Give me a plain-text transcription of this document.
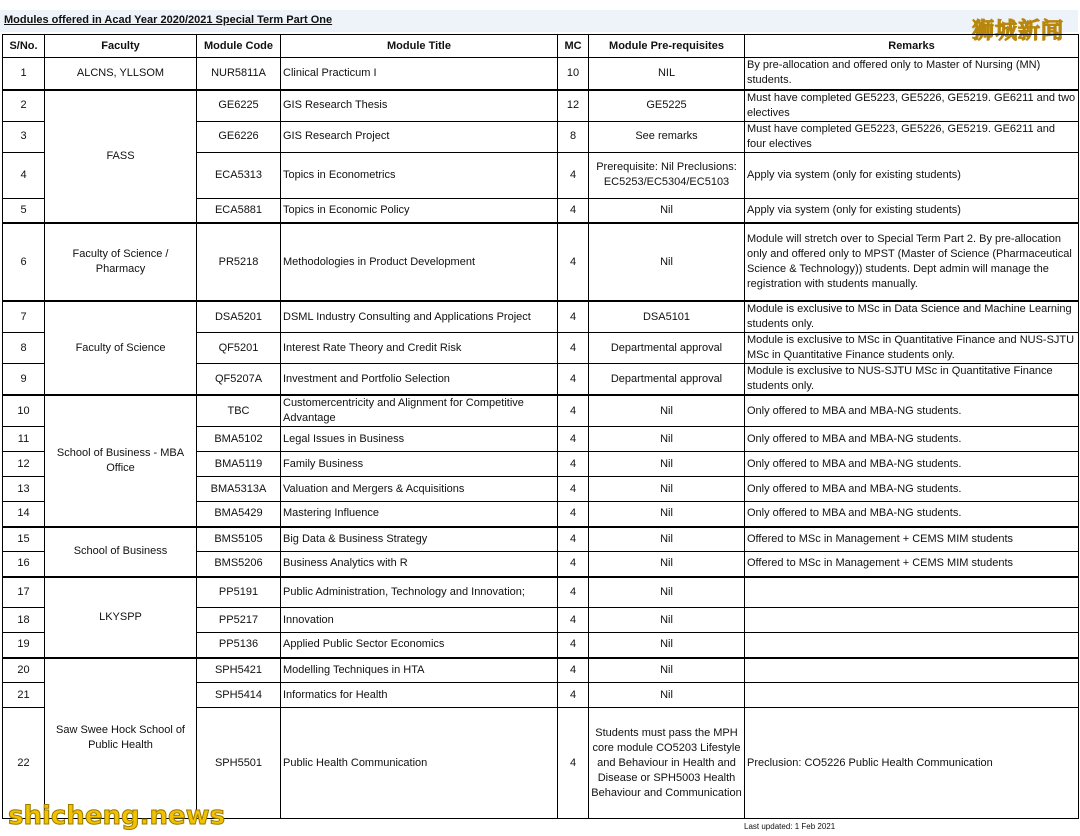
Modules offered in Acad Year 2020/2021 Special Term Part One	狮城新闻
S/No.	Faculty	Module Code	Module Title	MC	Module Pre-requisites	Remarks
1	ALCNS, YLLSOM	NUR5811A	Clinical Practicum I	10	NIL	By pre-allocation and offered only to Master of Nursing (MN) students.
2	FASS	GE6225	GIS Research Thesis	12	GE5225	Must have completed GE5223, GE5226, GE5219. GE6211 and two electives
3		GE6226	GIS Research Project	8	See remarks	Must have completed GE5223, GE5226, GE5219. GE6211 and four electives
4		ECA5313	Topics in Econometrics	4	Prerequisite: Nil Preclusions: EC5253/EC5304/EC5103	Apply via system (only for existing students)
5		ECA5881	Topics in Economic Policy	4	Nil	Apply via system (only for existing students)
6	Faculty of Science / Pharmacy	PR5218	Methodologies in Product Development	4	Nil	Module will stretch over to Special Term Part 2. By pre-allocation only and offered only to MPST (Master of Science (Pharmaceutical Science & Technology)) students. Dept admin will manage the registration with students manually.
7	Faculty of Science	DSA5201	DSML Industry Consulting and Applications Project	4	DSA5101	Module is exclusive to MSc in Data Science and Machine Learning students only.
8		QF5201	Interest Rate Theory and Credit Risk	4	Departmental approval	Module is exclusive to MSc in Quantitative Finance and NUS-SJTU MSc in Quantitative Finance students only.
9		QF5207A	Investment and Portfolio Selection	4	Departmental approval	Module is exclusive to NUS-SJTU MSc in Quantitative Finance students only.
10	School of Business - MBA Office	TBC	Customercentricity and Alignment for Competitive Advantage	4	Nil	Only offered to MBA and MBA-NG students.
11		BMA5102	Legal Issues in Business	4	Nil	Only offered to MBA and MBA-NG students.
12		BMA5119	Family Business	4	Nil	Only offered to MBA and MBA-NG students.
13		BMA5313A	Valuation and Mergers & Acquisitions	4	Nil	Only offered to MBA and MBA-NG students.
14		BMA5429	Mastering Influence	4	Nil	Only offered to MBA and MBA-NG students.
15	School of Business	BMS5105	Big Data & Business Strategy	4	Nil	Offered to MSc in Management + CEMS MIM students
16		BMS5206	Business Analytics with R	4	Nil	Offered to MSc in Management + CEMS MIM students
17	LKYSPP	PP5191	Public Administration, Technology and Innovation;	4	Nil	
18		PP5217	Innovation	4	Nil	
19		PP5136	Applied Public Sector Economics	4	Nil	
20	Saw Swee Hock School of Public Health	SPH5421	Modelling Techniques in HTA	4	Nil	
21		SPH5414	Informatics for Health	4	Nil	
22		SPH5501	Public Health Communication	4	Students must pass the MPH core module CO5203 Lifestyle and Behaviour in Health and Disease or SPH5003 Health Behaviour and Communication	Preclusion: CO5226 Public Health Communication
Last updated: 1 Feb 2021
shicheng.news
